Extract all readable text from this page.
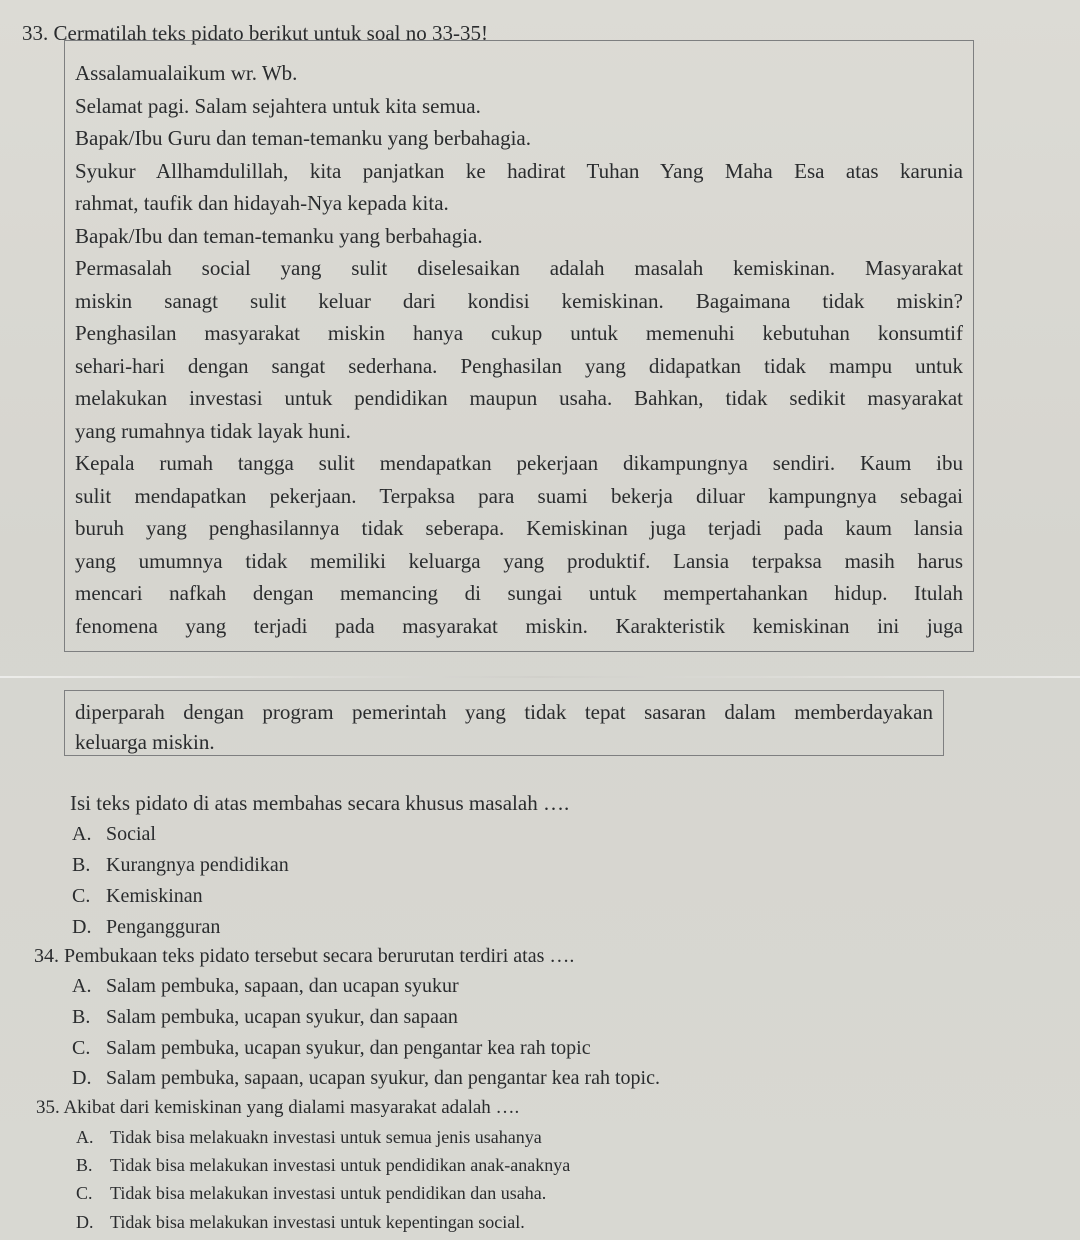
33. Cermatilah teks pidato berikut untuk soal no 33-35!
Assalamualaikum wr. Wb.
Selamat pagi. Salam sejahtera untuk kita semua.
Bapak/Ibu Guru dan teman-temanku yang berbahagia.
Syukur Allhamdulillah, kita panjatkan ke hadirat Tuhan Yang Maha Esa atas karunia
rahmat, taufik dan hidayah-Nya kepada kita.
Bapak/Ibu dan teman-temanku yang berbahagia.
Permasalah social yang sulit diselesaikan adalah masalah kemiskinan. Masyarakat
miskin sanagt sulit keluar dari kondisi kemiskinan. Bagaimana tidak miskin?
Penghasilan masyarakat miskin hanya cukup untuk memenuhi kebutuhan konsumtif
sehari-hari dengan sangat sederhana. Penghasilan yang didapatkan tidak mampu untuk
melakukan investasi untuk pendidikan maupun usaha. Bahkan, tidak sedikit masyarakat
yang rumahnya tidak layak huni.
Kepala rumah tangga sulit mendapatkan pekerjaan dikampungnya sendiri. Kaum ibu
sulit mendapatkan pekerjaan. Terpaksa para suami bekerja diluar kampungnya sebagai
buruh yang penghasilannya tidak seberapa. Kemiskinan juga terjadi pada kaum lansia
yang umumnya tidak memiliki keluarga yang produktif. Lansia terpaksa masih harus
mencari nafkah dengan memancing di sungai untuk mempertahankan hidup. Itulah
fenomena yang terjadi pada masyarakat miskin. Karakteristik kemiskinan ini juga
diperparah dengan program pemerintah yang tidak tepat sasaran dalam memberdayakan
keluarga miskin.
Isi teks pidato di atas membahas secara khusus masalah ….
A. Social
B. Kurangnya pendidikan
C. Kemiskinan
D. Pengangguran
34. Pembukaan teks pidato tersebut secara berurutan terdiri atas ….
A. Salam pembuka, sapaan, dan ucapan syukur
B. Salam pembuka, ucapan syukur, dan sapaan
C. Salam pembuka, ucapan syukur, dan pengantar kea rah topic
D. Salam pembuka, sapaan, ucapan syukur, dan pengantar kea rah topic.
35. Akibat dari kemiskinan yang dialami masyarakat adalah ….
A. Tidak bisa melakuakn investasi untuk semua jenis usahanya
B. Tidak bisa melakukan investasi untuk pendidikan anak-anaknya
C. Tidak bisa melakukan investasi untuk pendidikan dan usaha.
D. Tidak bisa melakukan investasi untuk kepentingan social.
